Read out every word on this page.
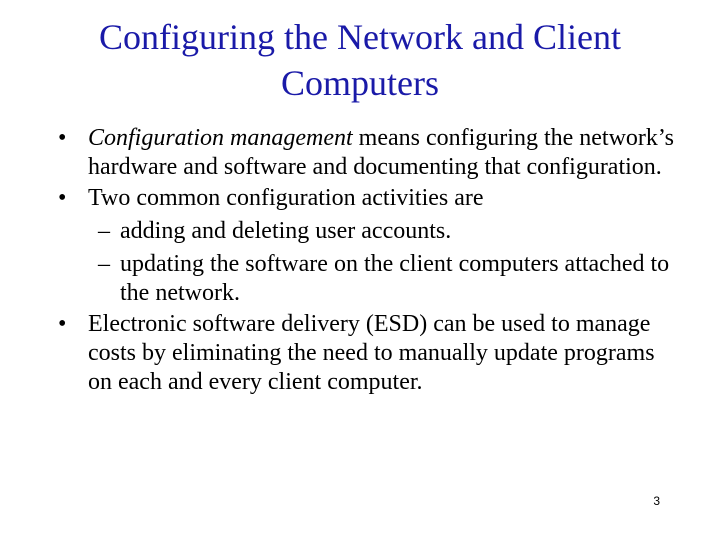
Configuring the Network and Client Computers
• Configuration management means configuring the network’s hardware and software and documenting that configuration.
• Two common configuration activities are
– adding and deleting user accounts.
– updating the software on the client computers attached to the network.
• Electronic software delivery (ESD) can be used to manage costs by eliminating the need to manually update programs on each and every client computer.
3
